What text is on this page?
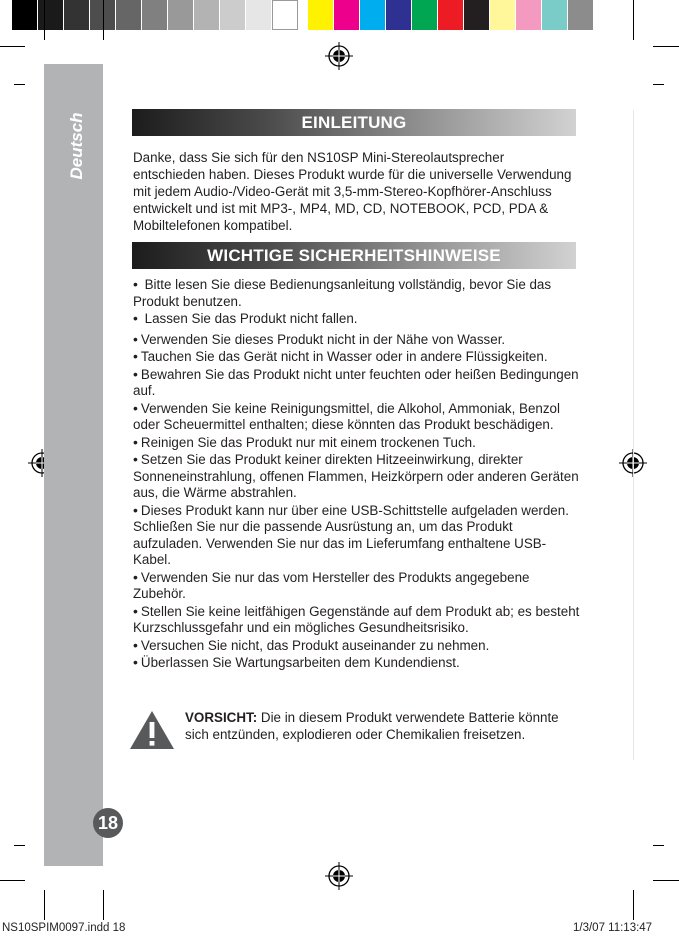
Deutsch
18
EINLEITUNG

Danke, dass Sie sich für den NS10SP Mini-Stereolautsprecher entschieden haben. Dieses Produkt wurde für die universelle Verwendung mit jedem Audio-/Video-Gerät mit 3,5-mm-Stereo-Kopfhörer-Anschluss entwickelt und ist mit MP3-, MP4, MD, CD, NOTEBOOK, PCD, PDA & Mobiltelefonen kompatibel.

WICHTIGE SICHERHEITSHINWEISE
• Bitte lesen Sie diese Bedienungsanleitung vollständig, bevor Sie das Produkt benutzen.
• Lassen Sie das Produkt nicht fallen.
• Verwenden Sie dieses Produkt nicht in der Nähe von Wasser.
• Tauchen Sie das Gerät nicht in Wasser oder in andere Flüssigkeiten.
• Bewahren Sie das Produkt nicht unter feuchten oder heißen Bedingungen auf.
• Verwenden Sie keine Reinigungsmittel, die Alkohol, Ammoniak, Benzol oder Scheuermittel enthalten; diese könnten das Produkt beschädigen.
• Reinigen Sie das Produkt nur mit einem trockenen Tuch.
• Setzen Sie das Produkt keiner direkten Hitzeeinwirkung, direkter Sonneneinstrahlung, offenen Flammen, Heizkörpern oder anderen Geräten aus, die Wärme abstrahlen.
• Dieses Produkt kann nur über eine USB-Schittstelle aufgeladen werden. Schließen Sie nur die passende Ausrüstung an, um das Produkt aufzuladen. Verwenden Sie nur das im Lieferumfang enthaltene USB-Kabel.
• Verwenden Sie nur das vom Hersteller des Produkts angegebene Zubehör.
• Stellen Sie keine leitfähigen Gegenstände auf dem Produkt ab; es besteht Kurzschlussgefahr und ein mögliches Gesundheitsrisiko.
• Versuchen Sie nicht, das Produkt auseinander zu nehmen.
• Überlassen Sie Wartungsarbeiten dem Kundendienst.

VORSICHT: Die in diesem Produkt verwendete Batterie könnte sich entzünden, explodieren oder Chemikalien freisetzen.

NS10SPIM0097.indd 18	1/3/07 11:13:47
